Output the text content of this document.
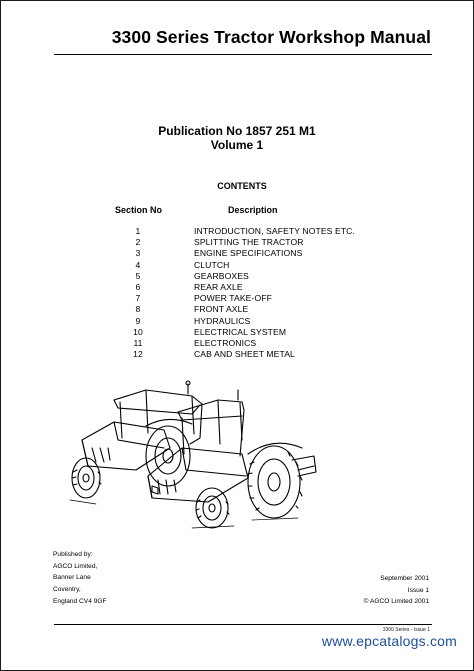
3300 Series Tractor Workshop Manual
Publication No 1857 251 M1
Volume 1
CONTENTS
Section No	Description
1	INTRODUCTION, SAFETY NOTES ETC.
2	SPLITTING THE TRACTOR
3	ENGINE SPECIFICATIONS
4	CLUTCH
5	GEARBOXES
6	REAR AXLE
7	POWER TAKE-OFF
8	FRONT AXLE
9	HYDRAULICS
10	ELECTRICAL SYSTEM
11	ELECTRONICS
12	CAB AND SHEET METAL
Published by:
AGCO Limited,
Banner Lane
Coventry,
England CV4 9GF
September 2001
Issue 1
© AGCO Limited 2001
3300 Series - Issue 1
www.epcatalogs.com
